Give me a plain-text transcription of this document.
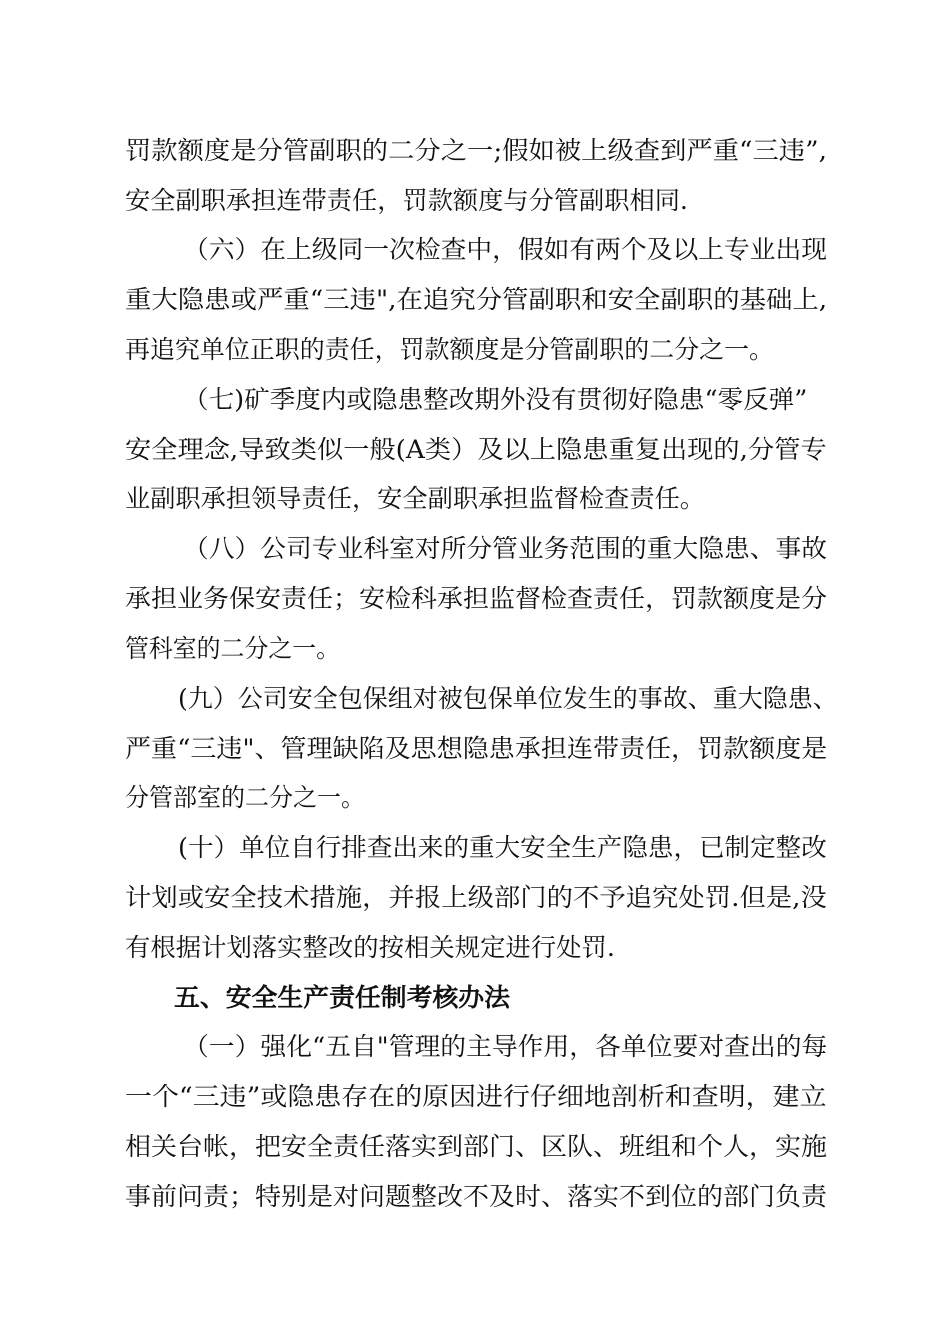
罚款额度是分管副职的二分之一;假如被上级查到严重“三违”,
安全副职承担连带责任，罚款额度与分管副职相同.
（六）在上级同一次检查中，假如有两个及以上专业出现
重大隐患或严重“三违",在追究分管副职和安全副职的基础上,
再追究单位正职的责任，罚款额度是分管副职的二分之一。
（七)矿季度内或隐患整改期外没有贯彻好隐患“零反弹”
安全理念,导致类似一般(A类）及以上隐患重复出现的,分管专
业副职承担领导责任，安全副职承担监督检查责任。
（八）公司专业科室对所分管业务范围的重大隐患、事故
承担业务保安责任；安检科承担监督检查责任，罚款额度是分
管科室的二分之一。
(九）公司安全包保组对被包保单位发生的事故、重大隐患、
严重“三违"、管理缺陷及思想隐患承担连带责任，罚款额度是
分管部室的二分之一。
(十）单位自行排查出来的重大安全生产隐患，已制定整改
计划或安全技术措施，并报上级部门的不予追究处罚.但是,没
有根据计划落实整改的按相关规定进行处罚.
五、安全生产责任制考核办法
（一）强化“五自"管理的主导作用，各单位要对查出的每
一个“三违”或隐患存在的原因进行仔细地剖析和查明，建立
相关台帐，把安全责任落实到部门、区队、班组和个人，实施
事前问责；特别是对问题整改不及时、落实不到位的部门负责
